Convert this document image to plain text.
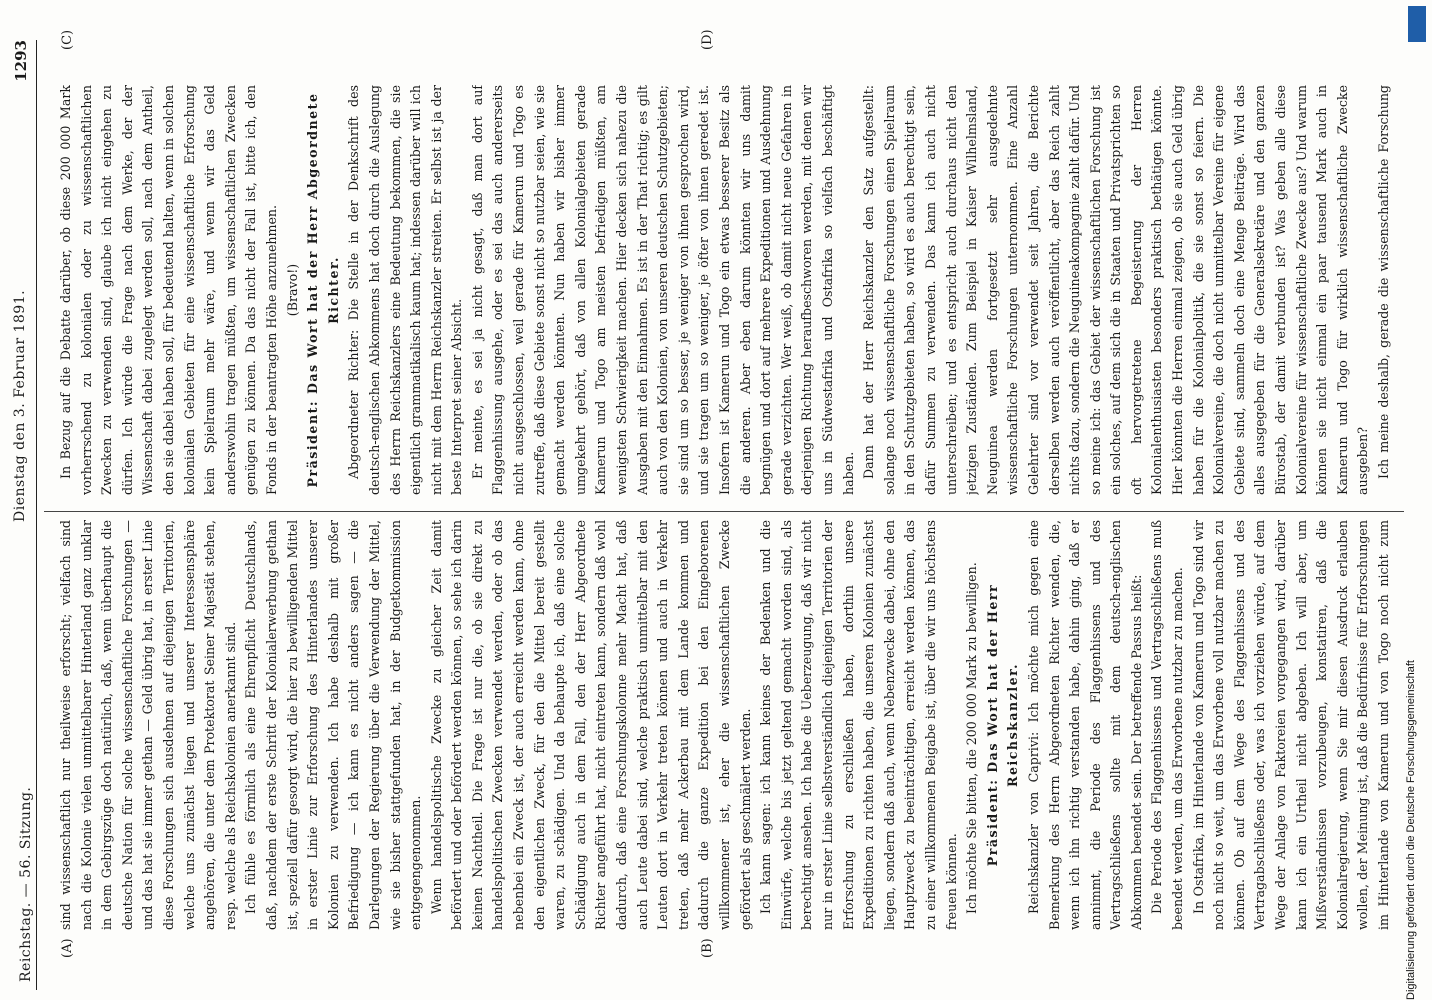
Reichstag. — 56. Sitzung.
Dienstag den 3. Februar 1891.
1293
(A)	(B)
(C)	(D)

sind wissenschaftlich nur theilweise erforscht; vielfach sind nach die Kolonie vielen unmittelbarer Hinterland ganz unklar in dem Gebirgszüge doch natürlich, daß, wenn überhaupt die deutsche Nation für solche wissenschaftliche Forschungen — und das hat sie immer gethan — Geld übrig hat, in erster Linie diese Forschungen sich ausdehnen auf diejenigen Territorien, welche uns zunächst liegen und unserer Interessensphäre angehören, die unter dem Protektorat Seiner Majestät stehen, resp. welche als Reichskolonien anerkannt sind. Ich fühle es förmlich als eine Ehrenpflicht Deutschlands, daß, nachdem der erste Schritt der Kolonialerwerbung gethan ist, speziell dafür gesorgt wird, die hier zu bewilligenden Mittel in erster Linie zur Erforschung des Hinterlandes unserer Kolonien zu verwenden. Ich habe deshalb mit großer Befriedigung — ich kann es nicht anders sagen — die Darlegungen der Regierung über die Verwendung der Mittel, wie sie bisher stattgefunden hat, in der Budgetkommission entgegengenommen. Wenn handelspolitische Zwecke zu gleicher Zeit damit befördert und oder befördert werden können, so sehe ich darin keinen Nachtheil. Die Frage ist nur die, ob sie direkt zu handelspolitischen Zwecken verwendet werden, oder ob das nebenbei ein Zweck ist, der auch erreicht werden kann, ohne den eigentlichen Zweck, für den die Mittel bereit gestellt waren, zu schädigen. Und da behaupte ich, daß eine solche Schädigung auch in dem Fall, den der Herr Abgeordnete Richter angeführt hat, nicht eintreten kann, sondern daß wohl dadurch, daß eine Forschungskolonne mehr Macht hat, daß auch Leute dabei sind, welche praktisch unmittelbar mit den Leuten dort in Verkehr treten können und auch in Verkehr treten, daß mehr Ackerbau mit dem Lande kommen und dadurch die ganze Expedition bei den Eingeborenen willkommener ist, eher die wissenschaftlichen Zwecke gefördert als geschmälert werden. Ich kann sagen: ich kann keines der Bedenken und die Einwürfe, welche bis jetzt geltend gemacht worden sind, als berechtigt ansehen. Ich habe die Ueberzeugung, daß wir nicht nur in erster Linie selbstverständlich diejenigen Territorien der Erforschung zu erschließen haben, dorthin unsere Expeditionen zu richten haben, die unseren Kolonien zunächst liegen, sondern daß auch, wenn Nebenzwecke dabei, ohne den Hauptzweck zu beeinträchtigen, erreicht werden können, das zu einer willkommenen Beigabe ist, über die wir uns höchstens freuen können. Ich möchte Sie bitten, die 200 000 Mark zu bewilligen. Präsident: Das Wort hat der Herr Reichskanzler. Reichskanzler von Caprivi: Ich möchte mich gegen eine Bemerkung des Herrn Abgeordneten Richter wenden, die, wenn ich ihn richtig verstanden habe, dahin ging, daß er annimmt, die Periode des Flaggenhissens und des Vertragschließens sollte mit dem deutsch-englischen Abkommen beendet sein. Der betreffende Passus heißt: Die Periode des Flaggenhissens und Vertragschließens muß beendet werden, um das Erworbene nutzbar zu machen. In Ostafrika, im Hinterlande von Kamerun und Togo sind wir noch nicht so weit, um das Erworbene voll nutzbar machen zu können. Ob auf dem Wege des Flaggenhissens und des Vertragabschließens oder, was ich vorziehen würde, auf dem Wege der Anlage von Faktoreien vorgegangen wird, darüber kann ich ein Urtheil nicht abgeben. Ich will aber, um Mißverständnissen vorzubeugen, konstatiren, daß die Kolonialregierung, wenn Sie mir diesen Ausdruck erlauben wollen, der Meinung ist, daß die Bedürfnisse für Erforschungen im Hinterlande von Kamerun und von Togo noch nicht zum

In Bezug auf die Debatte darüber, ob diese 200 000 Mark vorherrschend zu kolonialen oder zu wissenschaftlichen Zwecken zu verwenden sind, glaube ich nicht eingehen zu dürfen. Ich würde die Frage nach dem Werke, der der Wissenschaft dabei zugelegt werden soll, nach dem Antheil, den sie dabei haben soll, für bedeutend halten, wenn in solchen kolonialen Gebieten für eine wissenschaftliche Erforschung kein Spielraum mehr wäre, und wenn wir das Geld anderswohin tragen müßten, um wissenschaftlichen Zwecken genügen zu können. Da das nicht der Fall ist, bitte ich, den Fonds in der beantragten Höhe anzunehmen. (Bravo!) Präsident: Das Wort hat der Herr Abgeordnete Richter. Abgeordneter Richter: Die Stelle in der Denkschrift des deutsch-englischen Abkommens hat doch durch die Auslegung des Herrn Reichskanzlers eine Bedeutung bekommen, die sie eigentlich grammatikalisch kaum hat; indessen darüber will ich nicht mit dem Herrn Reichskanzler streiten. Er selbst ist ja der beste Interpret seiner Absicht. Er meinte, es sei ja nicht gesagt, daß man dort auf Flaggenhissung ausgehe, oder es sei das auch andererseits nicht ausgeschlossen, weil gerade für Kamerun und Togo es zutreffe, daß diese Gebiete sonst nicht so nutzbar seien, wie sie gemacht werden könnten. Nun haben wir bisher immer umgekehrt gehört, daß von allen Kolonialgebieten gerade Kamerun und Togo am meisten befriedigen müßten, am wenigsten Schwierigkeit machen. Hier decken sich nahezu die Ausgaben mit den Einnahmen. Es ist in der That richtig; es gilt auch von den Kolonien, von unseren deutschen Schutzgebieten; sie sind um so besser, je weniger von ihnen gesprochen wird, und sie tragen um so weniger, je öfter von ihnen geredet ist. Insofern ist Kamerun und Togo ein etwas besserer Besitz als die anderen. Aber eben darum könnten wir uns damit begnügen und dort auf mehrere Expeditionen und Ausdehnung gerade verzichten. Wer weiß, ob damit nicht neue Gefahren in derjenigen Richtung heraufbeschworen werden, mit denen wir uns in Südwestafrika und Ostafrika so vielfach beschäftigt haben. Dann hat der Herr Reichskanzler den Satz aufgestellt: solange noch wissenschaftliche Forschungen einen Spielraum in den Schutzgebieten haben, so wird es auch berechtigt sein, dafür Summen zu verwenden. Das kann ich auch nicht unterschreiben; und es entspricht auch durchaus nicht den jetzigen Zuständen. Zum Beispiel in Kaiser Wilhelmsland, Neuguinea werden fortgesetzt sehr ausgedehnte wissenschaftliche Forschungen unternommen. Eine Anzahl Gelehrter sind vor verwendet seit Jahren, die Berichte derselben werden auch veröffentlicht, aber das Reich zahlt nichts dazu, sondern die Neuguineakompagnie zahlt dafür. Und so meine ich: das Gebiet der wissenschaftlichen Forschung ist ein solches, auf dem sich die in Staaten und Privatsprichten so oft hervorgetretene Begeisterung der Herren Kolonialenthusiasten besonders praktisch bethätigen könnte. Hier könnten die Herren einmal zeigen, ob sie auch Geld übrig haben für die Kolonialpolitik, die sie sonst so feiern. Die Kolonialvereine, die doch nicht unmittelbar Vereine für eigene Gebiete sind, sammeln doch eine Menge Beiträge. Wird das alles ausgegeben für die Generalsekretäre und den ganzen Bürostab, der damit verbunden ist? Was geben alle diese Kolonialvereine für wissenschaftliche Zwecke aus? Und warum können sie nicht einmal ein paar tausend Mark auch in Kamerun und Togo für wirklich wissenschaftliche Zwecke ausgeben? Ich meine deshalb, gerade die wissenschaftliche Forschung

Digitalisierung gefördert durch die Deutsche Forschungsgemeinschaft
